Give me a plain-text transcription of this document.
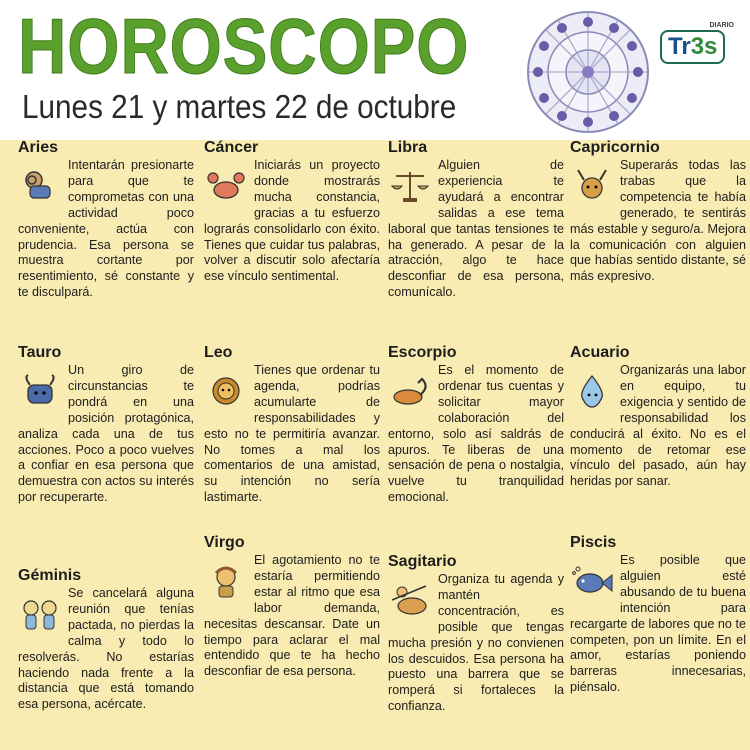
HOROSCOPO
Lunes 21 y martes 22 de octubre
DIARIO
Tr3s
Aries

Intentarán presionarte para que te comprometas con una actividad poco conveniente, actúa con prudencia. Esa persona se muestra cortante por resentimiento, sé constante y te disculpará.

Cáncer

Iniciarás un proyecto donde mostrarás mucha constancia, gracias a tu esfuerzo lograrás consolidarlo con éxito. Tienes que cuidar tus palabras, volver a discutir solo afectaría ese vínculo sentimental.

Libra

Alguien de experiencia te ayudará a encontrar salidas a ese tema laboral que tantas tensiones te ha generado. A pesar de la atracción, algo te hace desconfiar de esa persona, comunícalo.

Capricornio

Superarás todas las trabas que la competencia te había generado, te sentirás más estable y seguro/a. Mejora la comunicación con alguien que habías sentido distante, sé más expresivo.

Tauro

Un giro de circunstancias te pondrá en una posición protagónica, analiza cada una de tus acciones. Poco a poco vuelves a confiar en esa persona que demuestra con actos su interés por recuperarte.

Leo

Tienes que ordenar tu agenda, podrías acumularte de responsabilidades y esto no te permitiría avanzar. No tomes a mal los comentarios de una amistad, su intención no sería lastimarte.

Escorpio

Es el momento de ordenar tus cuentas y solicitar mayor colaboración del entorno, solo así saldrás de apuros. Te liberas de una sensación de pena o nostalgia, vuelve tu tranquilidad emocional.

Acuario

Organizarás una labor en equipo, tu exigencia y sentido de responsabilidad los conducirá al éxito. No es el momento de retomar ese vínculo del pasado, aún hay heridas por sanar.

Géminis

Se cancelará alguna reunión que tenías pactada, no pierdas la calma y todo lo resolverás. No estarías haciendo nada frente a la distancia que está tomando esa persona, acércate.

Virgo

El agotamiento no te estaría permitiendo estar al ritmo que esa labor demanda, necesitas descansar. Date un tiempo para aclarar el mal entendido que te ha hecho desconfiar de esa persona.

Sagitario

Organiza tu agenda y mantén concentración, es posible que tengas mucha presión y no convienen los descuidos. Esa persona ha puesto una barrera que se romperá si fortaleces la confianza.

Piscis

Es posible que alguien esté abusando de tu buena intención para recargarte de labores que no te competen, pon un límite. En el amor, estarías poniendo barreras innecesarias, piénsalo.
